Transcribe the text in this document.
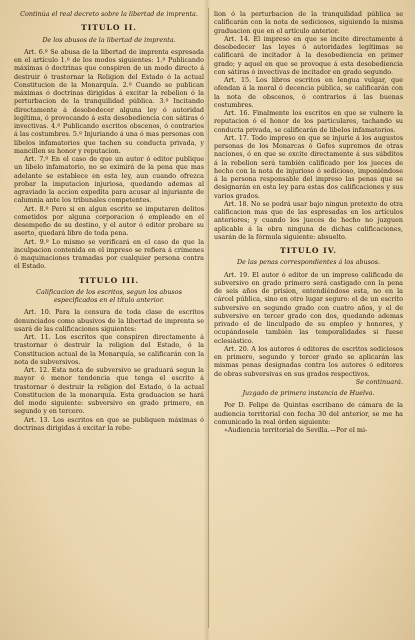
Continúa el real decreto sobre la libertad de imprenta.

TITULO II.

De los abusos de la libertad de imprenta.

Art. 6.º Se abusa de la libertad de imprenta espresada en el artículo 1.º de los modos siguientes: 1.º Publicando máximas ó doctrinas que conspiren de un modo directo á destruir ó trastornar la Religion del Estado ó la actual Constitucion de la Monarquía. 2.º Cuando se publican máximas ó doctrinas dirigidas á excitar la rebelion ó la perturbacion de la tranquilidad pública. 3.º Incitando directamente á desobedecer alguna ley ó autoridad legítima, ó provocando á esta desobediencia con sátiras ó invectivas. 4.º Publicando escritos obscenos, ó contrarios á las costumbres. 5.º Injuriando á una ó mas personas con libelos infamatorios que tachen su conducta privada, y mancillen su honor y reputacion.

Art. 7.º En el caso de que un autor ó editor publique un libelo infamatorio, no se eximirá de la pena que mas adelante se establece en esta ley, aun cuando ofrezca probar la imputacion injuriosa, quedando ademas al agraviado la accion expedita para acusar al injuriante de calumnia ante los tribunales competentes.

Art. 8.º Pero si en algun escrito se imputaren delitos cometidos por alguna corporacion ó empleado en el desempeño de su destino, y el autor ó editor probare su aserto, quedará libre de toda pena.

Art. 9.º Lo mismo se verificará en el caso de que la inculpacion contenida en el impreso se refiera á crímenes ó maquinaciones tramadas por cualquier persona contra el Estado.

TITULO III.

Calificacion de los escritos, segun los abusos especificados en el título anterior.

Art. 10. Para la censura de toda clase de escritos denunciados como abusivos de la libertad de imprenta se usará de las calificaciones siguientes:

Art. 11. Los escritos que conspiren directamente á trastornar ó destruir la religion del Estado, ó la Constitucion actual de la Monarquía, se calificarán con la nota de subversivos.

Art. 12. Esta nota de subversivo se graduará segun la mayor ó menor tendencia que tenga el escrito á trastornar ó destruir la religion del Estado, ó la actual Constitucion de la monarquía. Esta graduacion se hará del modo siguiente: subversivo en grado primero, en segundo y en tercero.

Art. 13. Los escritos en que se publiquen máximas ó doctrinas dirigidas á excitar la rebe-

lion ó la perturbacion de la tranquilidad pública se calificarán con la nota de sediciosos, siguiendo la misma graduacion que en el artículo anterior.

Art. 14. El impreso en que se incite directamente á desobedecer las leyes ó autoridades legítimas se calificará de incitador á la desobediencia en primer grado; y aquel en que se provoque á esta desobediencia con sátiras ó invectivas de incitador en grado segundo.

Art. 15. Los libros escritos en lengua vulgar, que ofendan á la moral ó decencia pública, se calificarán con la nota de obscenos, ó contrarios á las buenas costumbres.

Art. 16. Finalmente los escritos en que se vulnere la reputacion ó el honor de los particulares, tachando su conducta privada, se calificarán de libelos infamatorios.

Art. 17. Todo impreso en que se injurie á los augustos personas de los Monarcas ó Gefes supremos de otras naciones, ó en que se excite directamente á sus súbditos á la rebelion será también calificado por los jueces de hecho con la nota de injurioso ó sedicioso, imponiéndose á la persona responsable del impreso las penas que se designarán en esta ley para estas dos calificaciones y sus varios grados.

Art. 18. No se podrá usar bajo ningun pretexto de otra calificacion mas que de las espresadas en los artículos anteriores; y cuando los jueces de hecho no juzguen aplicable á la obra ninguna de dichas calificaciones, usarán de la fórmula siguiente: absuelto.

TITULO IV.

De las penas correspondientes á los abusos.

Art. 19. El autor ó editor de un impreso calificado de subversivo en grado primero será castigado con la pena de seis años de prision, entendiéndose esta, no en la cárcel pública, sino en otro lugar seguro: el de un escrito subversivo en segundo grado con cuatro años, y el de subversivo en tercer grado con dos, quedando ademas privado el de linculpado de su empleo y honores, y ocupándosele también las temporalidades si fuese eclesiástico.

Art. 20. A los autores ó editores de escritos sediciosos en primero, segundo y tercer grado se aplicarán las mismas penas designadas contra los autores ó editores de obras subversivas en sus grados respectivos.

Se continuará.

Juzgado de primera instancia de Huelva.

Por D. Felipe de Quintas escribano de cámara de la audiencia territorial con fecha 30 del anterior, se me ha comunicado la real órden siguiente:

»Audiencia territorial de Sevilla.—Por el mi-
